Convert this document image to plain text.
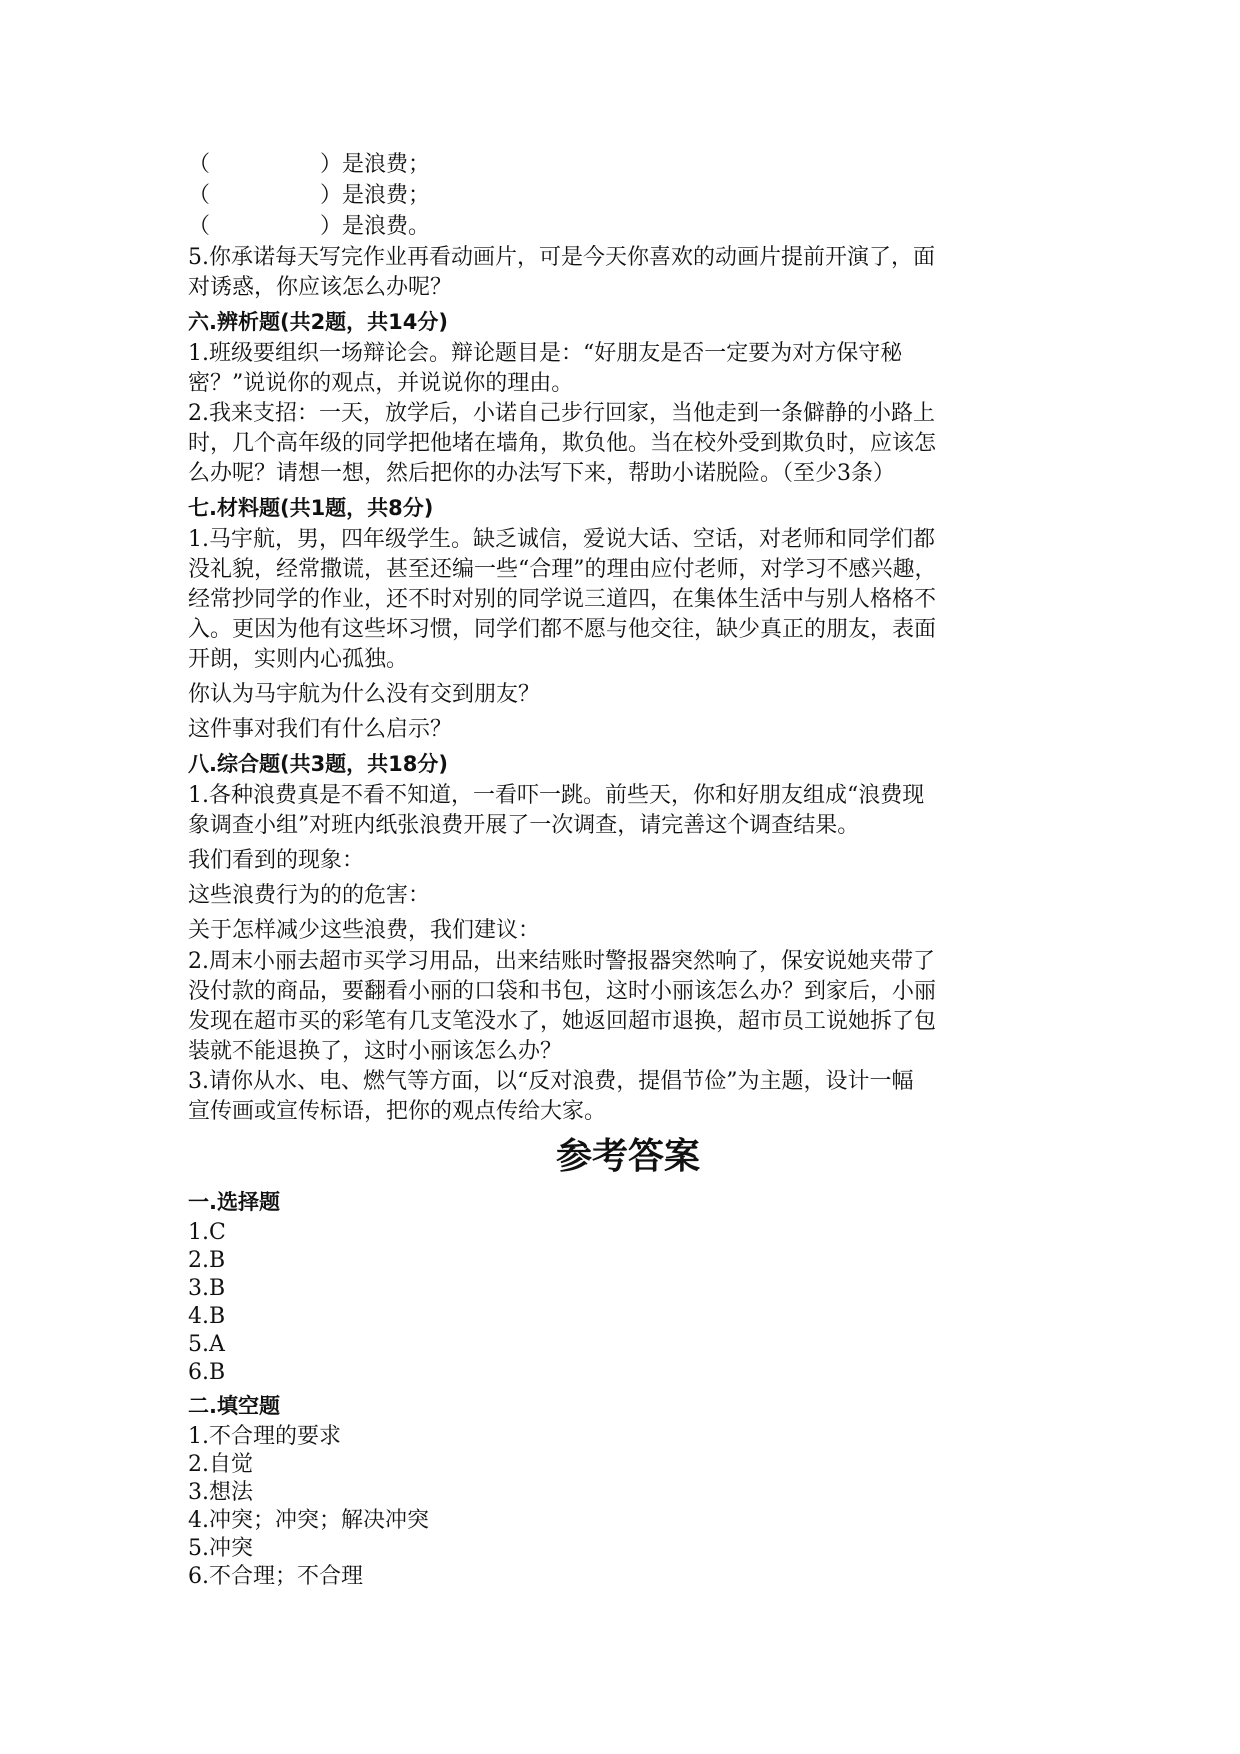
（　　　　　）是浪费；
（　　　　　）是浪费；
（　　　　　）是浪费。
5.你承诺每天写完作业再看动画片，可是今天你喜欢的动画片提前开演了，面
对诱惑，你应该怎么办呢？
六.辨析题(共2题，共14分)
1.班级要组织一场辩论会。辩论题目是：“好朋友是否一定要为对方保守秘
密？”说说你的观点，并说说你的理由。
2.我来支招：一天，放学后，小诺自己步行回家，当他走到一条僻静的小路上
时，几个高年级的同学把他堵在墙角，欺负他。当在校外受到欺负时，应该怎
么办呢？请想一想，然后把你的办法写下来，帮助小诺脱险。（至少3条）
七.材料题(共1题，共8分)
1.马宇航，男，四年级学生。缺乏诚信，爱说大话、空话，对老师和同学们都
没礼貌，经常撒谎，甚至还编一些“合理”的理由应付老师，对学习不感兴趣，
经常抄同学的作业，还不时对别的同学说三道四，在集体生活中与别人格格不
入。更因为他有这些坏习惯，同学们都不愿与他交往，缺少真正的朋友，表面
开朗，实则内心孤独。
你认为马宇航为什么没有交到朋友？
这件事对我们有什么启示？
八.综合题(共3题，共18分)
1.各种浪费真是不看不知道，一看吓一跳。前些天，你和好朋友组成“浪费现
象调查小组”对班内纸张浪费开展了一次调查，请完善这个调查结果。
我们看到的现象：
这些浪费行为的的危害：
关于怎样减少这些浪费，我们建议：
2.周末小丽去超市买学习用品，出来结账时警报器突然响了，保安说她夹带了
没付款的商品，要翻看小丽的口袋和书包，这时小丽该怎么办？到家后，小丽
发现在超市买的彩笔有几支笔没水了，她返回超市退换，超市员工说她拆了包
装就不能退换了，这时小丽该怎么办？
3.请你从水、电、燃气等方面，以“反对浪费，提倡节俭”为主题，设计一幅
宣传画或宣传标语，把你的观点传给大家。
参考答案
一.选择题
1.C
2.B
3.B
4.B
5.A
6.B
二.填空题
1.不合理的要求
2.自觉
3.想法
4.冲突；冲突；解决冲突
5.冲突
6.不合理；不合理
